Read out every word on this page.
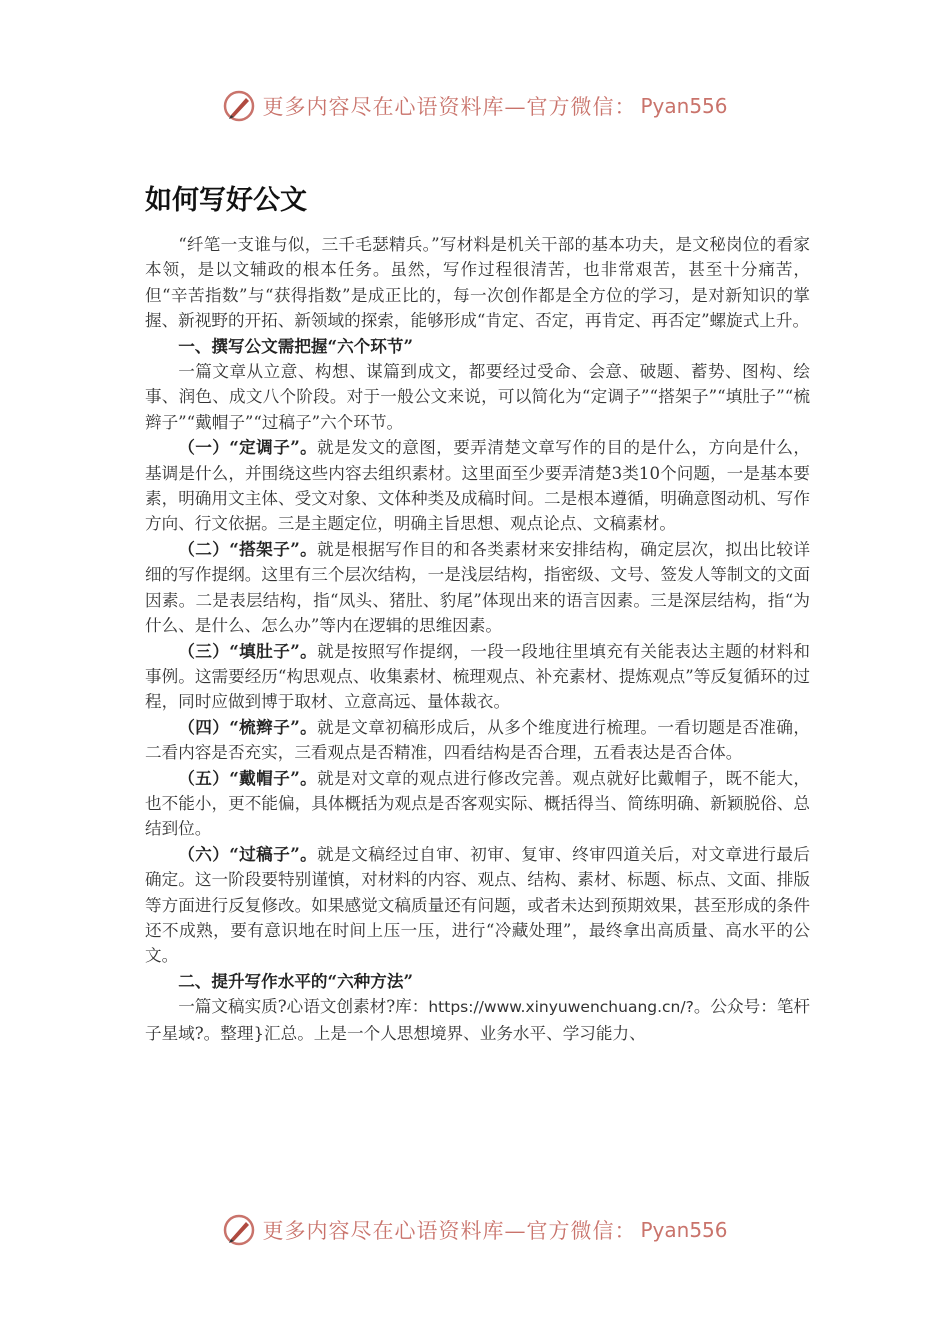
更多内容尽在心语资料库—官方微信： Pyan556
如何写好公文

“纤笔一支谁与似，三千毛瑟精兵。”写材料是机关干部的基本功夫，是文秘岗位的看家本领，是以文辅政的根本任务。虽然，写作过程很清苦，也非常艰苦，甚至十分痛苦，但“辛苦指数”与“获得指数”是成正比的，每一次创作都是全方位的学习，是对新知识的掌握、新视野的开拓、新领域的探索，能够形成“肯定、否定，再肯定、再否定”螺旋式上升。

一、撰写公文需把握“六个环节”

一篇文章从立意、构想、谋篇到成文，都要经过受命、会意、破题、蓄势、图构、绘事、润色、成文八个阶段。对于一般公文来说，可以简化为“定调子”“搭架子”“填肚子”“梳辫子”“戴帽子”“过稿子”六个环节。

（一）“定调子”。就是发文的意图，要弄清楚文章写作的目的是什么，方向是什么，基调是什么，并围绕这些内容去组织素材。这里面至少要弄清楚3类10个问题，一是基本要素，明确用文主体、受文对象、文体种类及成稿时间。二是根本遵循，明确意图动机、写作方向、行文依据。三是主题定位，明确主旨思想、观点论点、文稿素材。

（二）“搭架子”。就是根据写作目的和各类素材来安排结构，确定层次，拟出比较详细的写作提纲。这里有三个层次结构，一是浅层结构，指密级、文号、签发人等制文的文面因素。二是表层结构，指“凤头、猪肚、豹尾”体现出来的语言因素。三是深层结构，指“为什么、是什么、怎么办”等内在逻辑的思维因素。

（三）“填肚子”。就是按照写作提纲，一段一段地往里填充有关能表达主题的材料和事例。这需要经历“构思观点、收集素材、梳理观点、补充素材、提炼观点”等反复循环的过程，同时应做到博于取材、立意高远、量体裁衣。

（四）“梳辫子”。就是文章初稿形成后，从多个维度进行梳理。一看切题是否准确，二看内容是否充实，三看观点是否精准，四看结构是否合理，五看表达是否合体。

（五）“戴帽子”。就是对文章的观点进行修改完善。观点就好比戴帽子，既不能大，也不能小，更不能偏，具体概括为观点是否客观实际、概括得当、简练明确、新颖脱俗、总结到位。

（六）“过稿子”。就是文稿经过自审、初审、复审、终审四道关后，对文章进行最后确定。这一阶段要特别谨慎，对材料的内容、观点、结构、素材、标题、标点、文面、排版等方面进行反复修改。如果感觉文稿质量还有问题，或者未达到预期效果，甚至形成的条件还不成熟，要有意识地在时间上压一压，进行“冷藏处理”，最终拿出高质量、高水平的公文。

二、提升写作水平的“六种方法”

一篇文稿实质?心语文创素材?库：https://www.xinyuwenchuang.cn/?。公众号：笔杆子星域?。整理}汇总。上是一个人思想境界、业务水平、学习能力、

更多内容尽在心语资料库—官方微信： Pyan556
